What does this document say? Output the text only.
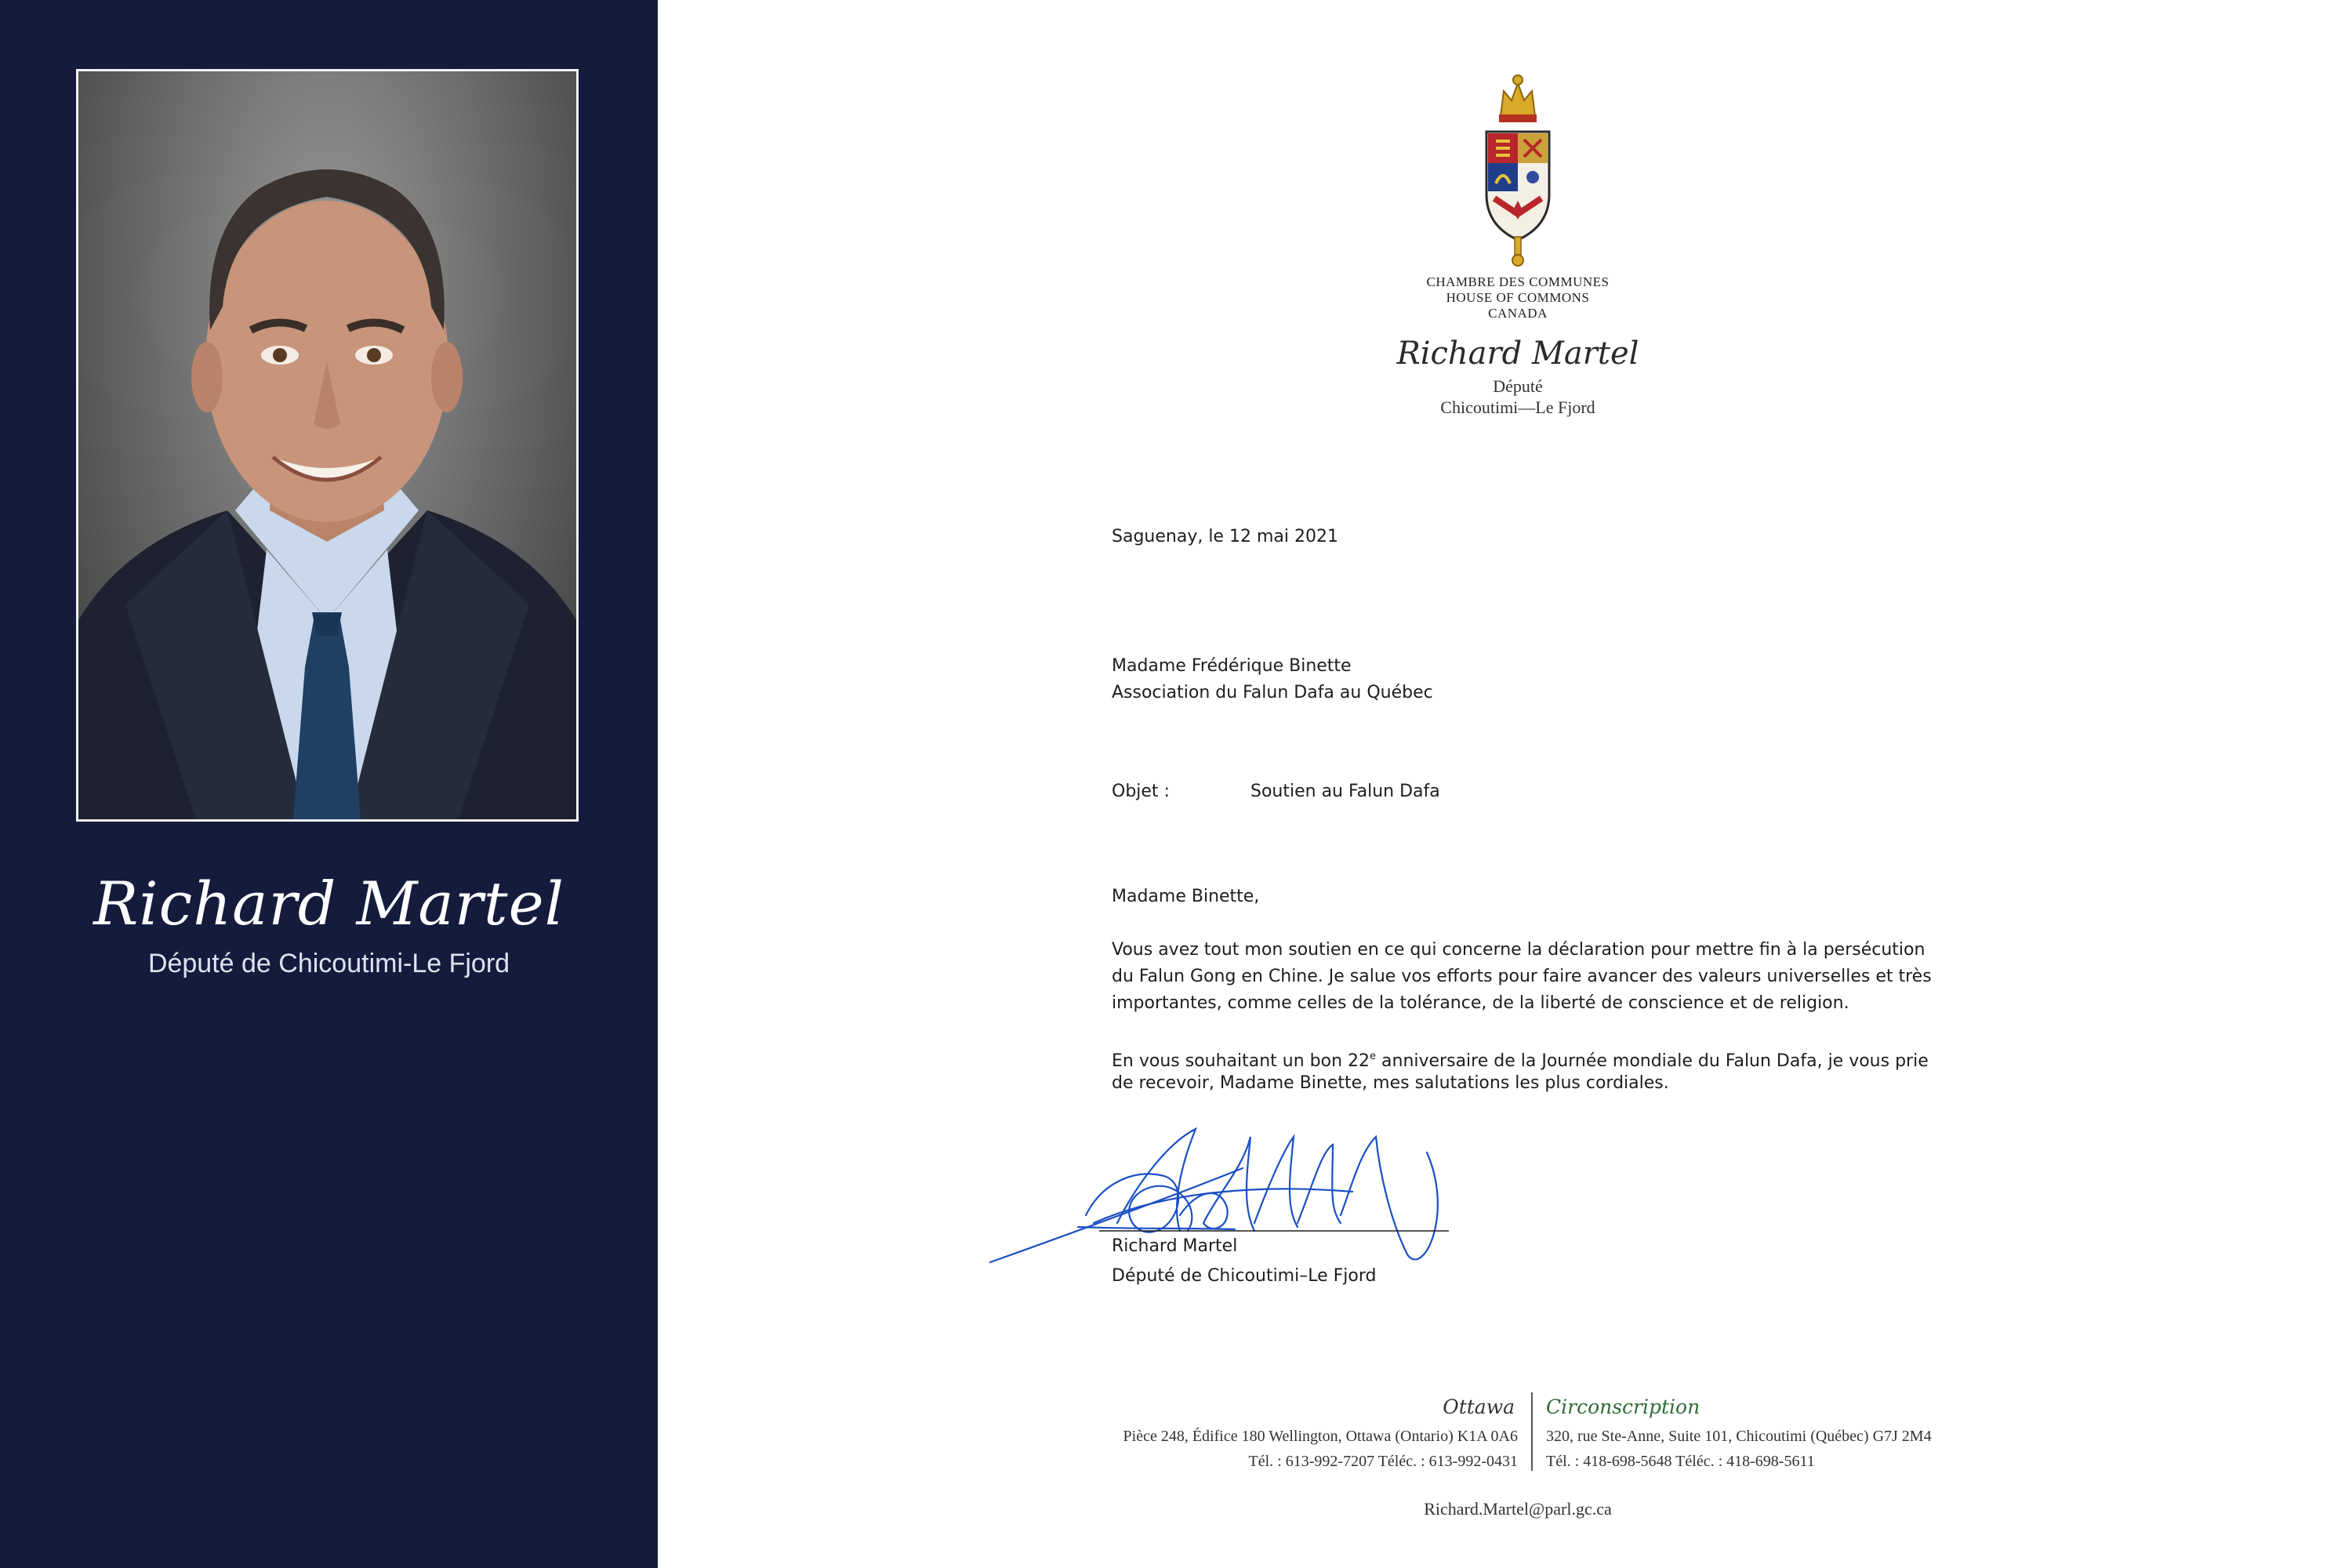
Richard Martel
Député de Chicoutimi-Le Fjord
CHAMBRE DES COMMUNES
HOUSE OF COMMONS
CANADA
Richard Martel
Député
Chicoutimi—Le Fjord
Saguenay, le 12 mai 2021
Madame Frédérique Binette
Association du Falun Dafa au Québec
Objet :	Soutien au Falun Dafa
Madame Binette,
Vous avez tout mon soutien en ce qui concerne la déclaration pour mettre fin à la persécution
du Falun Gong en Chine. Je salue vos efforts pour faire avancer des valeurs universelles et très
importantes, comme celles de la tolérance, de la liberté de conscience et de religion.
En vous souhaitant un bon 22e anniversaire de la Journée mondiale du Falun Dafa, je vous prie
de recevoir, Madame Binette, mes salutations les plus cordiales.
Richard Martel
Député de Chicoutimi–Le Fjord
Ottawa Circonscription
Pièce 248, Édifice 180 Wellington, Ottawa (Ontario) K1A 0A6
Tél. : 613-992-7207 Téléc. : 613-992-0431
320, rue Ste-Anne, Suite 101, Chicoutimi (Québec) G7J 2M4
Tél. : 418-698-5648 Téléc. : 418-698-5611
Richard.Martel@parl.gc.ca
